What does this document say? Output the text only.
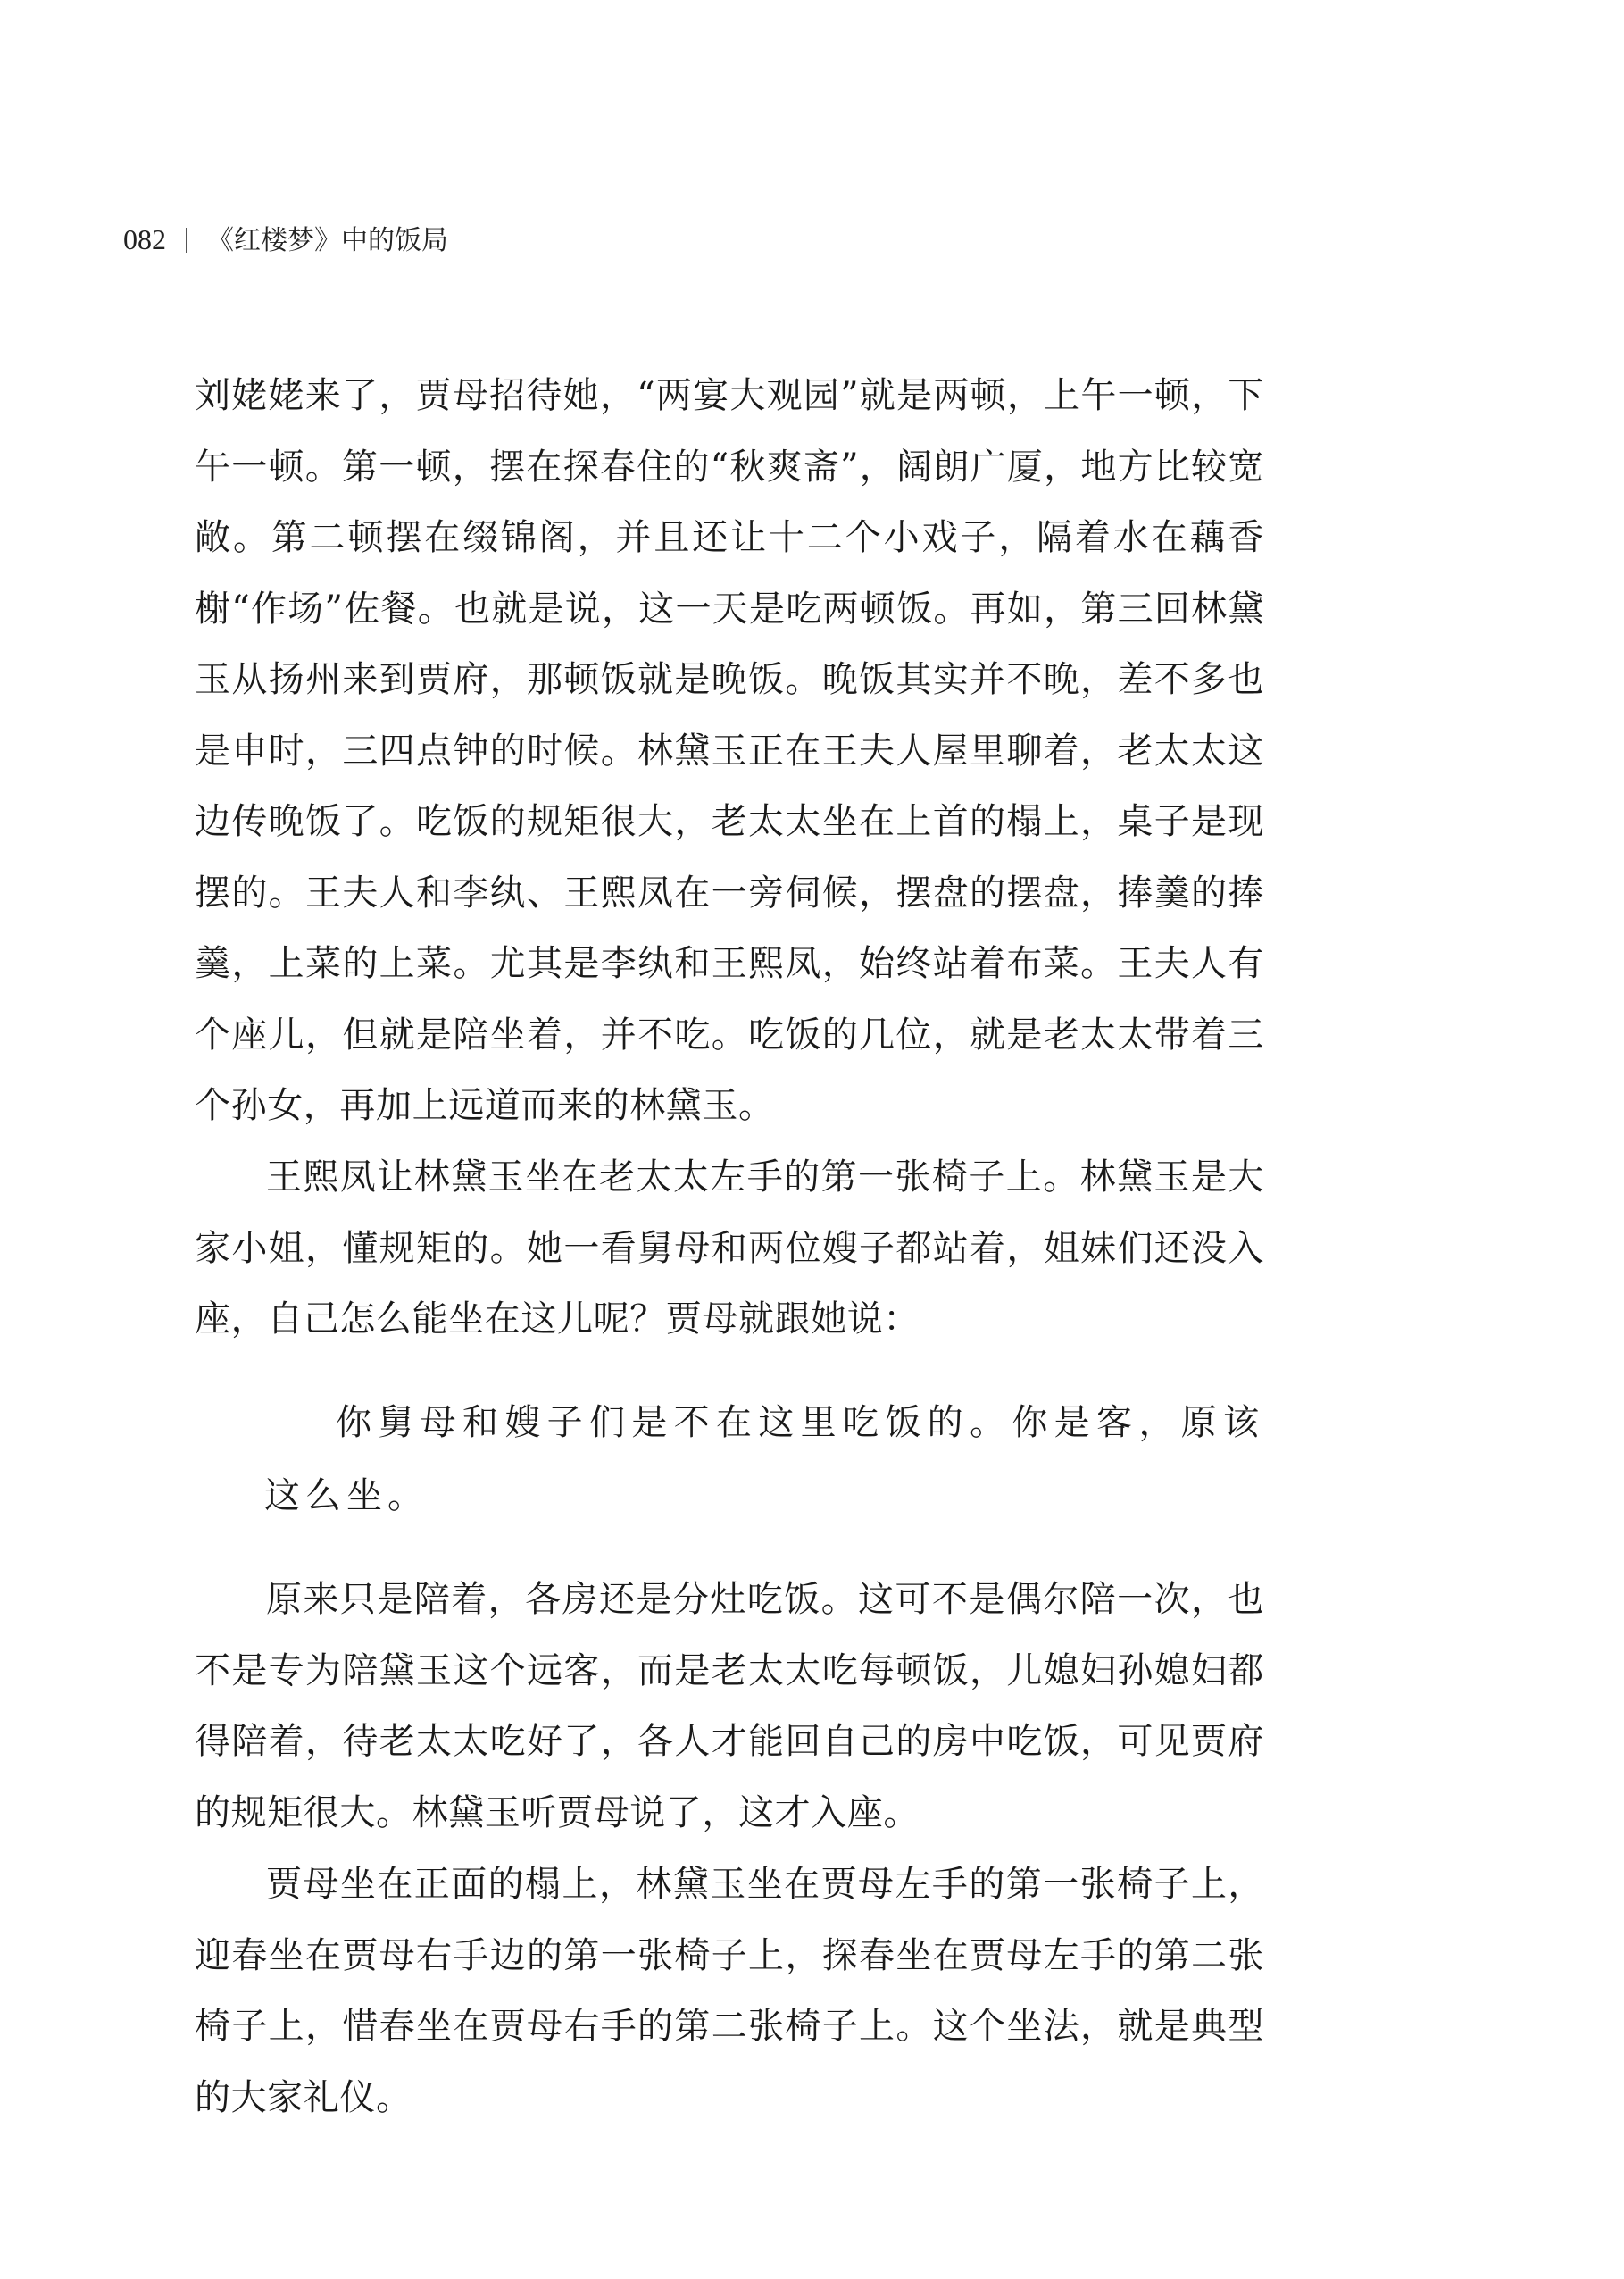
082 《红楼梦》中的饭局

刘姥姥来了，贾母招待她，“两宴大观园”就是两顿，上午一顿，下午一顿。第一顿，摆在探春住的“秋爽斋”，阔朗广厦，地方比较宽敞。第二顿摆在缀锦阁，并且还让十二个小戏子，隔着水在藕香榭“作场”佐餐。也就是说，这一天是吃两顿饭。再如，第三回林黛玉从扬州来到贾府，那顿饭就是晚饭。晚饭其实并不晚，差不多也是申时，三四点钟的时候。林黛玉正在王夫人屋里聊着，老太太这边传晚饭了。吃饭的规矩很大，老太太坐在上首的榻上，桌子是现摆的。王夫人和李纨、王熙凤在一旁伺候，摆盘的摆盘，捧羹的捧羹，上菜的上菜。尤其是李纨和王熙凤，始终站着布菜。王夫人有个座儿，但就是陪坐着，并不吃。吃饭的几位，就是老太太带着三个孙女，再加上远道而来的林黛玉。

王熙凤让林黛玉坐在老太太左手的第一张椅子上。林黛玉是大家小姐，懂规矩的。她一看舅母和两位嫂子都站着，姐妹们还没入座，自己怎么能坐在这儿呢？贾母就跟她说：

你舅母和嫂子们是不在这里吃饭的。你是客，原该这么坐。

原来只是陪着，各房还是分灶吃饭。这可不是偶尔陪一次，也不是专为陪黛玉这个远客，而是老太太吃每顿饭，儿媳妇孙媳妇都得陪着，待老太太吃好了，各人才能回自己的房中吃饭，可见贾府的规矩很大。林黛玉听贾母说了，这才入座。

贾母坐在正面的榻上，林黛玉坐在贾母左手的第一张椅子上，迎春坐在贾母右手边的第一张椅子上，探春坐在贾母左手的第二张椅子上，惜春坐在贾母右手的第二张椅子上。这个坐法，就是典型的大家礼仪。
